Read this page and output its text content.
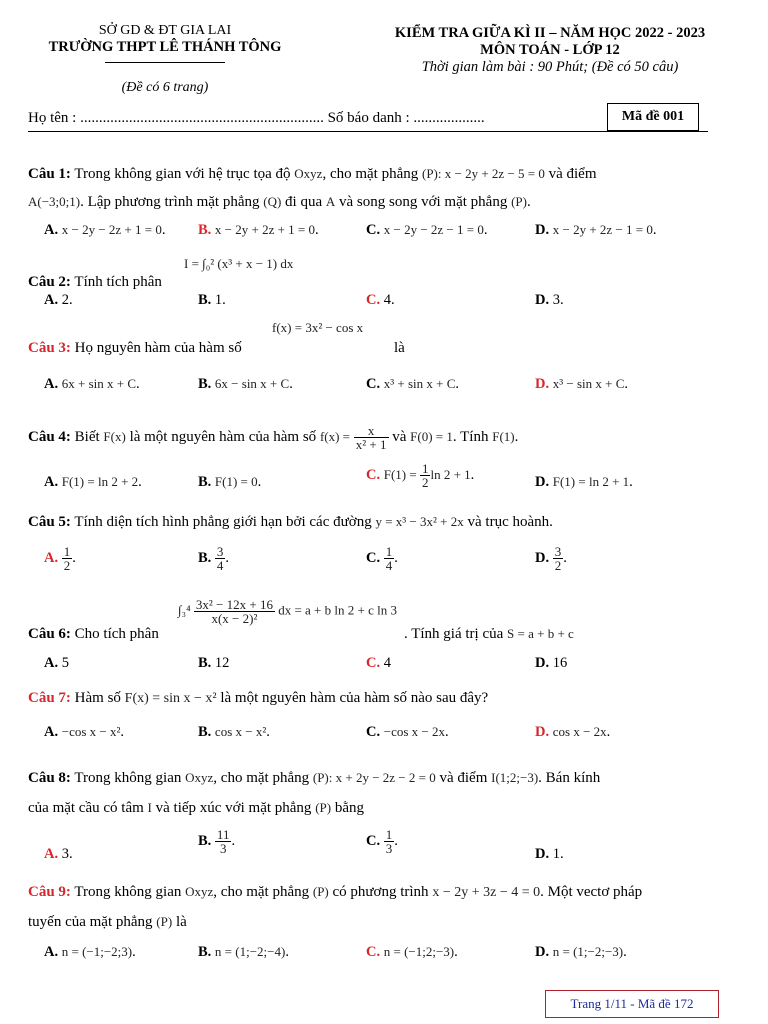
SỞ GD & ĐT GIA LAI
TRƯỜNG THPT LÊ THÁNH TÔNG
(Đề có 6 trang)
KIỂM TRA GIỮA KÌ II – NĂM HỌC 2022 - 2023
MÔN TOÁN - LỚP 12
Thời gian làm bài : 90 Phút; (Đề có 50 câu)
Họ tên : ................................................................. Số báo danh : ...................	Mã đề 001
Câu 1: Trong không gian với hệ trục tọa độ Oxyz, cho mặt phẳng (P): x − 2y + 2z − 5 = 0 và điểm
A(−3;0;1). Lập phương trình mặt phẳng (Q) đi qua A và song song với mặt phẳng (P).
A. x − 2y − 2z + 1 = 0. B. x − 2y + 2z + 1 = 0.	C. x − 2y − 2z − 1 = 0.	D. x − 2y + 2z − 1 = 0.
Câu 2: Tính tích phân
I = ∫₀² (x³ + x − 1) dx
A. 2.	B. 1.	C. 4.	D. 3.
f(x) = 3x² − cos x
Câu 3: Họ nguyên hàm của hàm số	là
A. 6x + sin x + C.	B. 6x − sin x + C.	C. x³ + sin x + C.	D. x³ − sin x + C.
Câu 4: Biết F(x) là một nguyên hàm của hàm số $f(x) = \frac{x}{\text{x² + 1}}$ và F(0) = 1. Tính F(1).
A. F(1) = ln 2 + 2.	B. F(1) = 0.	C. $F(1) = \frac{1}{2}$ ln 2 + 1.	D. F(1) = ln 2 + 1.
Câu 5: Tính diện tích hình phẳng giới hạn bởi các đường y = x³ − 3x² + 2x và trục hoành.
A. $\frac{1}{2}$ .	B. $\frac{3}{4}$ .	C. $\frac{1}{4}$ .	D. $\frac{3}{2}$ .
Câu 6: Cho tích phân
$\int_3^4 \frac{\text{3x² − 12x + 16}}{\text{x(x − 2)²}}$ dx = a + b ln 2 + c ln 3
. Tính giá trị của S = a + b + c
A. 5	B. 12	C. 4	D. 16
Câu 7: Hàm số F(x) = sin x − x² là một nguyên hàm của hàm số nào sau đây?
A. −cos x − x².	B. cos x − x².	C. −cos x − 2x.	D. cos x − 2x.
Câu 8: Trong không gian Oxyz, cho mặt phẳng (P): x + 2y − 2z − 2 = 0 và điểm I(1;2;−3). Bán kính
của mặt cầu có tâm I và tiếp xúc với mặt phẳng (P) bằng
A. 3.
B. $\frac{11}{3}$ .	C. $\frac{1}{3}$ .
D. 1.
Câu 9: Trong không gian Oxyz, cho mặt phẳng (P) có phương trình x − 2y + 3z − 4 = 0. Một vectơ pháp
tuyến của mặt phẳng (P) là
A. n = (−1;−2;3).	B. n = (1;−2;−4).	C. n = (−1;2;−3).	D. n = (1;−2;−3).
Trang 1/11 - Mã đề 172
